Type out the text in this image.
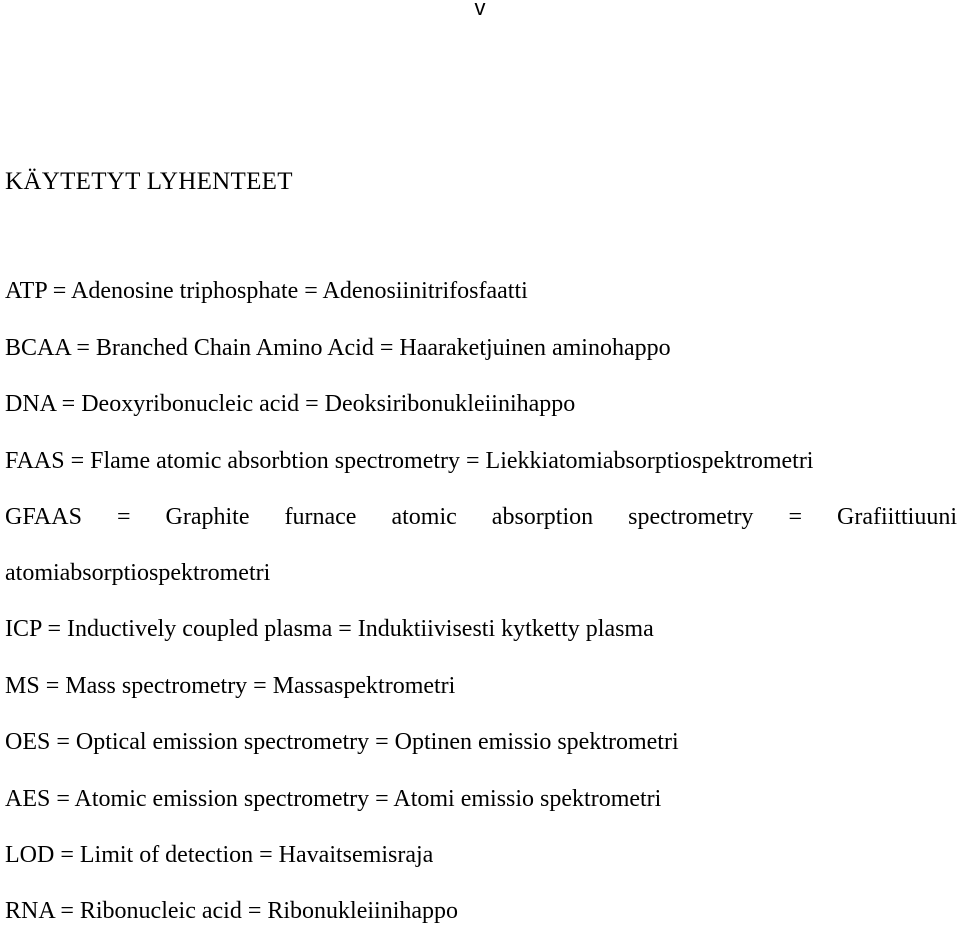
v
KÄYTETYT LYHENTEET
ATP = Adenosine triphosphate = Adenosiinitrifosfaatti
BCAA = Branched Chain Amino Acid = Haaraketjuinen aminohappo
DNA = Deoxyribonucleic acid = Deoksiribonukleiinihappo
FAAS = Flame atomic absorbtion spectrometry = Liekkiatomiabsorptiospektrometri
GFAAS = Graphite furnace atomic absorption spectrometry = Grafiittiuuni
atomiabsorptiospektrometri
ICP = Inductively coupled plasma = Induktiivisesti kytketty plasma
MS = Mass spectrometry = Massaspektrometri
OES = Optical emission spectrometry = Optinen emissio spektrometri
AES = Atomic emission spectrometry = Atomi emissio spektrometri
LOD = Limit of detection = Havaitsemisraja
RNA = Ribonucleic acid = Ribonukleiinihappo
